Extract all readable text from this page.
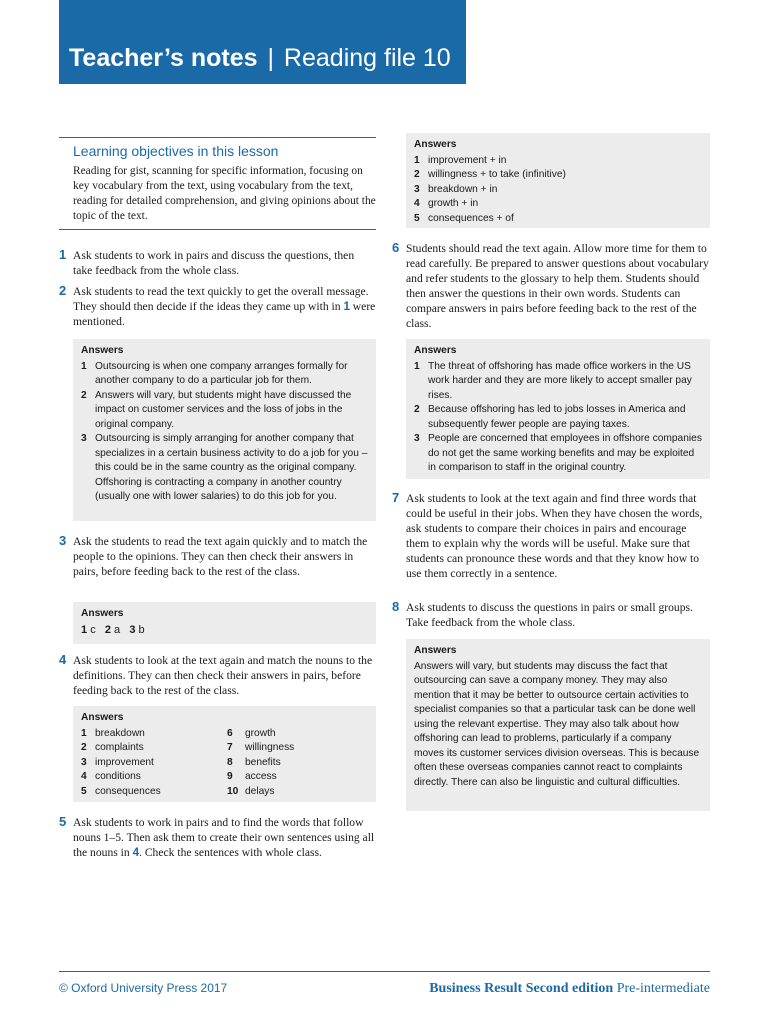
Teacher’s notes | Reading file 10
Learning objectives in this lesson
Reading for gist, scanning for specific information, focusing on key vocabulary from the text, using vocabulary from the text, reading for detailed comprehension, and giving opinions about the topic of the text.
1 Ask students to work in pairs and discuss the questions, then take feedback from the whole class.
2 Ask students to read the text quickly to get the overall message. They should then decide if the ideas they came up with in 1 were mentioned.
Answers
1 Outsourcing is when one company arranges formally for another company to do a particular job for them.
2 Answers will vary, but students might have discussed the impact on customer services and the loss of jobs in the original company.
3 Outsourcing is simply arranging for another company that specializes in a certain business activity to do a job for you – this could be in the same country as the original company. Offshoring is contracting a company in another country (usually one with lower salaries) to do this job for you.
3 Ask the students to read the text again quickly and to match the people to the opinions. They can then check their answers in pairs, before feeding back to the rest of the class.
Answers
1 c 2 a 3 b
4 Ask students to look at the text again and match the nouns to the definitions. They can then check their answers in pairs, before feeding back to the rest of the class.
Answers
1 breakdown
2 complaints
3 improvement
4 conditions
5 consequences
6	growth
7	willingness
8	benefits
9	access
10 delays
5 Ask students to work in pairs and to find the words that follow nouns 1–5. Then ask them to create their own sentences using all the nouns in 4. Check the sentences with whole class.
Answers
1 improvement + in
2 willingness + to take (infinitive)
3 breakdown + in
4 growth + in
5 consequences + of
6 Students should read the text again. Allow more time for them to read carefully. Be prepared to answer questions about vocabulary and refer students to the glossary to help them. Students should then answer the questions in their own words. Students can compare answers in pairs before feeding back to the rest of the class.
Answers
1 The threat of offshoring has made office workers in the US work harder and they are more likely to accept smaller pay rises.
2 Because offshoring has led to jobs losses in America and subsequently fewer people are paying taxes.
3 People are concerned that employees in offshore companies do not get the same working benefits and may be exploited in comparison to staff in the original country.
7 Ask students to look at the text again and find three words that could be useful in their jobs. When they have chosen the words, ask students to compare their choices in pairs and encourage them to explain why the words will be useful. Make sure that students can pronounce these words and that they know how to use them correctly in a sentence.
8 Ask students to discuss the questions in pairs or small groups. Take feedback from the whole class.
Answers
Answers will vary, but students may discuss the fact that outsourcing can save a company money. They may also mention that it may be better to outsource certain activities to specialist companies so that a particular task can be done well using the relevant expertise. They may also talk about how offshoring can lead to problems, particularly if a company moves its customer services division overseas. This is because often these overseas companies cannot react to complaints directly. There can also be linguistic and cultural difficulties.
© Oxford University Press 2017	Business Result Second edition Pre-intermediate
